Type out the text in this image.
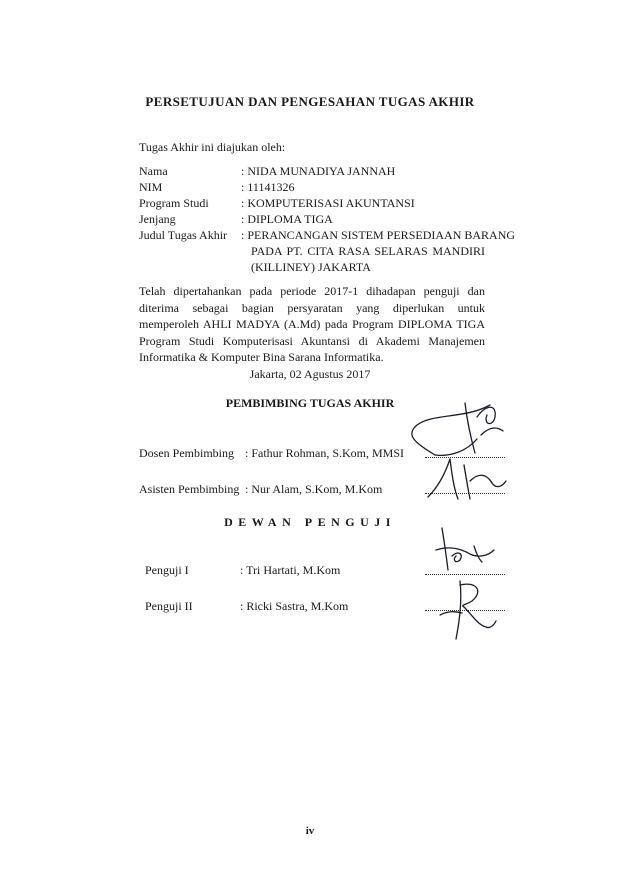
PERSETUJUAN DAN PENGESAHAN TUGAS AKHIR
Tugas Akhir ini diajukan oleh:
Nama	: NIDA MUNADIYA JANNAH
NIM	: 11141326
Program Studi	: KOMPUTERISASI AKUNTANSI
Jenjang	: DIPLOMA TIGA
Judul Tugas Akhir : PERANCANGAN SISTEM PERSEDIAAN BARANG
PADA PT. CITA RASA SELARAS MANDIRI
(KILLINEY) JAKARTA
Telah dipertahankan pada periode 2017-1 dihadapan penguji dan diterima sebagai bagian persyaratan yang diperlukan untuk memperoleh AHLI MADYA (A.Md) pada Program DIPLOMA TIGA Program Studi Komputerisasi Akuntansi di Akademi Manajemen Informatika & Komputer Bina Sarana Informatika.
Jakarta, 02 Agustus 2017
PEMBIMBING TUGAS AKHIR
Dosen Pembimbing : Fathur Rohman, S.Kom, MMSI
Asisten Pembimbing : Nur Alam, S.Kom, M.Kom
DEWAN PENGUJI
Penguji I	: Tri Hartati, M.Kom
Penguji II	: Ricki Sastra, M.Kom
iv
